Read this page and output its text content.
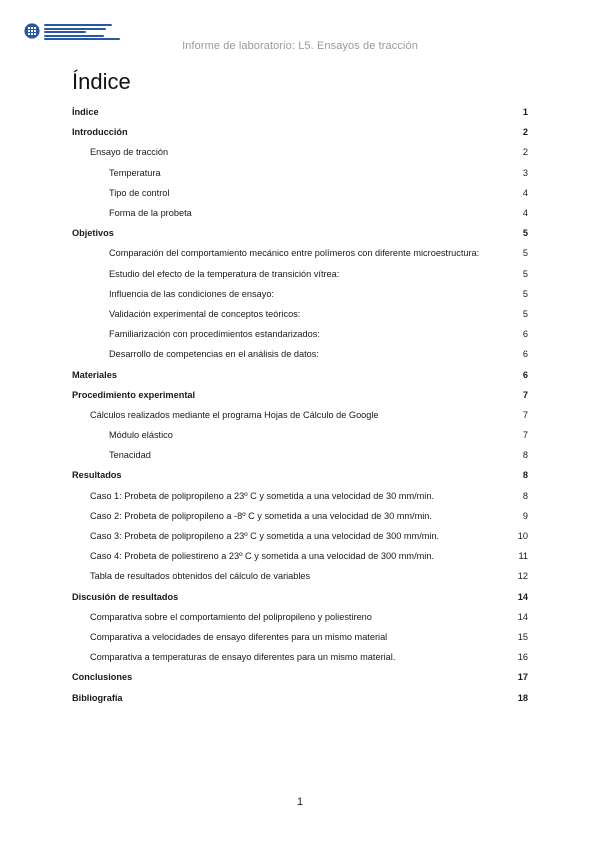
Informe de laboratorio: L5. Ensayos de tracción
Índice
Índice	1
Introducción	2
Ensayo de tracción	2
Temperatura	3
Tipo de control	4
Forma de la probeta	4
Objetivos	5
Comparación del comportamiento mecánico entre polímeros con diferente microestructura:	5
Estudio del efecto de la temperatura de transición vítrea:	5
Influencia de las condiciones de ensayo:	5
Validación experimental de conceptos teóricos:	5
Familiarización con procedimientos estandarizados:	6
Desarrollo de competencias en el análisis de datos:	6
Materiales	6
Procedimiento experimental	7
Cálculos realizados mediante el programa Hojas de Cálculo de Google	7
Módulo elástico	7
Tenacidad	8
Resultados	8
Caso 1: Probeta de polipropileno a 23º C y sometida a una velocidad de 30 mm/min.	8
Caso 2: Probeta de polipropileno a -8º C y sometida a una velocidad de 30 mm/min.	9
Caso 3: Probeta de polipropileno a 23º C y sometida a una velocidad de 300 mm/min.	10
Caso 4: Probeta de poliestireno a 23º C y sometida a una velocidad de 300 mm/min.	11
Tabla de resultados obtenidos del cálculo de variables	12
Discusión de resultados	14
Comparativa sobre el comportamiento del polipropileno y poliestireno	14
Comparativa a velocidades de ensayo diferentes para un mismo material	15
Comparativa a temperaturas de ensayo diferentes para un mismo material.	16
Conclusiones	17
Bibliografía	18
1
